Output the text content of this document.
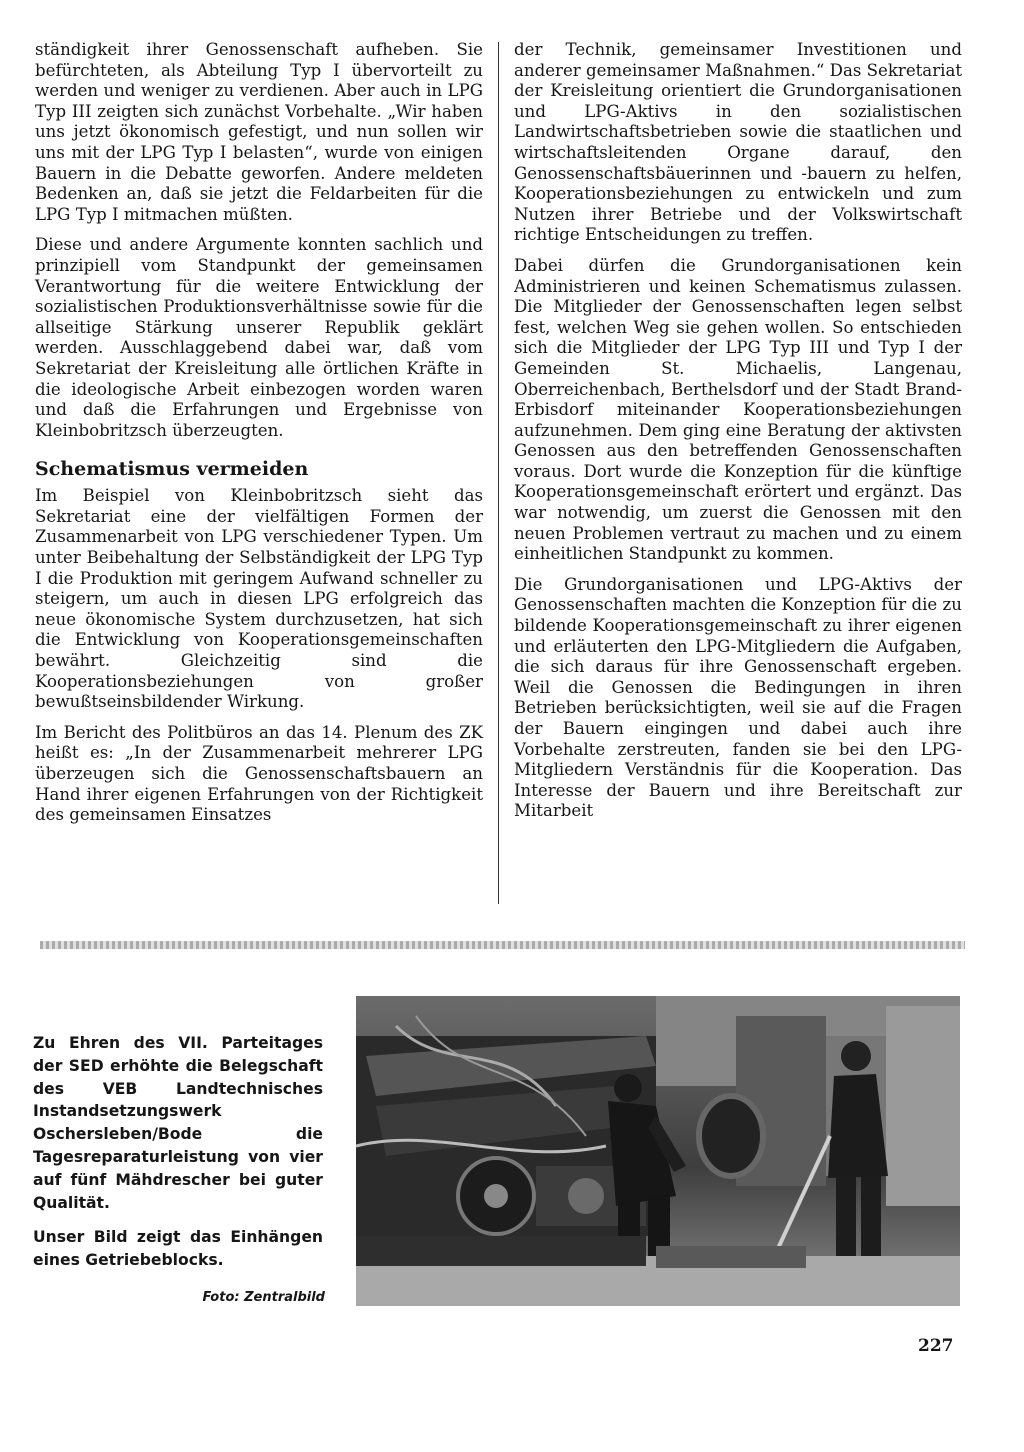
ständigkeit ihrer Genossenschaft aufheben. Sie befürchteten, als Abteilung Typ I übervorteilt zu werden und weniger zu verdienen. Aber auch in LPG Typ III zeigten sich zunächst Vorbehalte. „Wir haben uns jetzt ökonomisch gefestigt, und nun sollen wir uns mit der LPG Typ I belasten“, wurde von einigen Bauern in die Debatte geworfen. Andere meldeten Bedenken an, daß sie jetzt die Feldarbeiten für die LPG Typ I mitmachen müßten.

Diese und andere Argumente konnten sachlich und prinzipiell vom Standpunkt der gemeinsamen Verantwortung für die weitere Entwicklung der sozialistischen Produktionsverhältnisse sowie für die allseitige Stärkung unserer Republik geklärt werden. Ausschlaggebend dabei war, daß vom Sekretariat der Kreisleitung alle örtlichen Kräfte in die ideologische Arbeit einbezogen worden waren und daß die Erfahrungen und Ergebnisse von Kleinbobritzsch überzeugten.

Schematismus vermeiden

Im Beispiel von Kleinbobritzsch sieht das Sekretariat eine der vielfältigen Formen der Zusammenarbeit von LPG verschiedener Typen. Um unter Beibehaltung der Selbständigkeit der LPG Typ I die Produktion mit geringem Aufwand schneller zu steigern, um auch in diesen LPG erfolgreich das neue ökonomische System durchzusetzen, hat sich die Entwicklung von Kooperationsgemeinschaften bewährt. Gleichzeitig sind die Kooperationsbeziehungen von großer bewußtseinsbildender Wirkung.

Im Bericht des Politbüros an das 14. Plenum des ZK heißt es: „In der Zusammenarbeit mehrerer LPG überzeugen sich die Genossenschaftsbauern an Hand ihrer eigenen Erfahrungen von der Richtigkeit des gemeinsamen Einsatzes

der Technik, gemeinsamer Investitionen und anderer gemeinsamer Maßnahmen.“ Das Sekretariat der Kreisleitung orientiert die Grundorganisationen und LPG-Aktivs in den sozialistischen Landwirtschaftsbetrieben sowie die staatlichen und wirtschaftsleitenden Organe darauf, den Genossenschaftsbäuerinnen und -bauern zu helfen, Kooperationsbeziehungen zu entwickeln und zum Nutzen ihrer Betriebe und der Volkswirtschaft richtige Entscheidungen zu treffen.

Dabei dürfen die Grundorganisationen kein Administrieren und keinen Schematismus zulassen. Die Mitglieder der Genossenschaften legen selbst fest, welchen Weg sie gehen wollen. So entschieden sich die Mitglieder der LPG Typ III und Typ I der Gemeinden St. Michaelis, Langenau, Oberreichenbach, Berthelsdorf und der Stadt Brand-Erbisdorf miteinander Kooperationsbeziehungen aufzunehmen. Dem ging eine Beratung der aktivsten Genossen aus den betreffenden Genossenschaften voraus. Dort wurde die Konzeption für die künftige Kooperationsgemeinschaft erörtert und ergänzt. Das war notwendig, um zuerst die Genossen mit den neuen Problemen vertraut zu machen und zu einem einheitlichen Standpunkt zu kommen.

Die Grundorganisationen und LPG-Aktivs der Genossenschaften machten die Konzeption für die zu bildende Kooperationsgemeinschaft zu ihrer eigenen und erläuterten den LPG-Mitgliedern die Aufgaben, die sich daraus für ihre Genossenschaft ergeben. Weil die Genossen die Bedingungen in ihren Betrieben berücksichtigten, weil sie auf die Fragen der Bauern eingingen und dabei auch ihre Vorbehalte zerstreuten, fanden sie bei den LPG-Mitgliedern Verständnis für die Kooperation. Das Interesse der Bauern und ihre Bereitschaft zur Mitarbeit

Zu Ehren des VII. Parteitages der SED erhöhte die Belegschaft des VEB Landtechnisches Instandsetzungswerk Oschersleben/Bode die Tagesreparaturleistung von vier auf fünf Mähdrescher bei guter Qualität.

Unser Bild zeigt das Einhängen eines Getriebeblocks.

Foto: Zentralbild
227
